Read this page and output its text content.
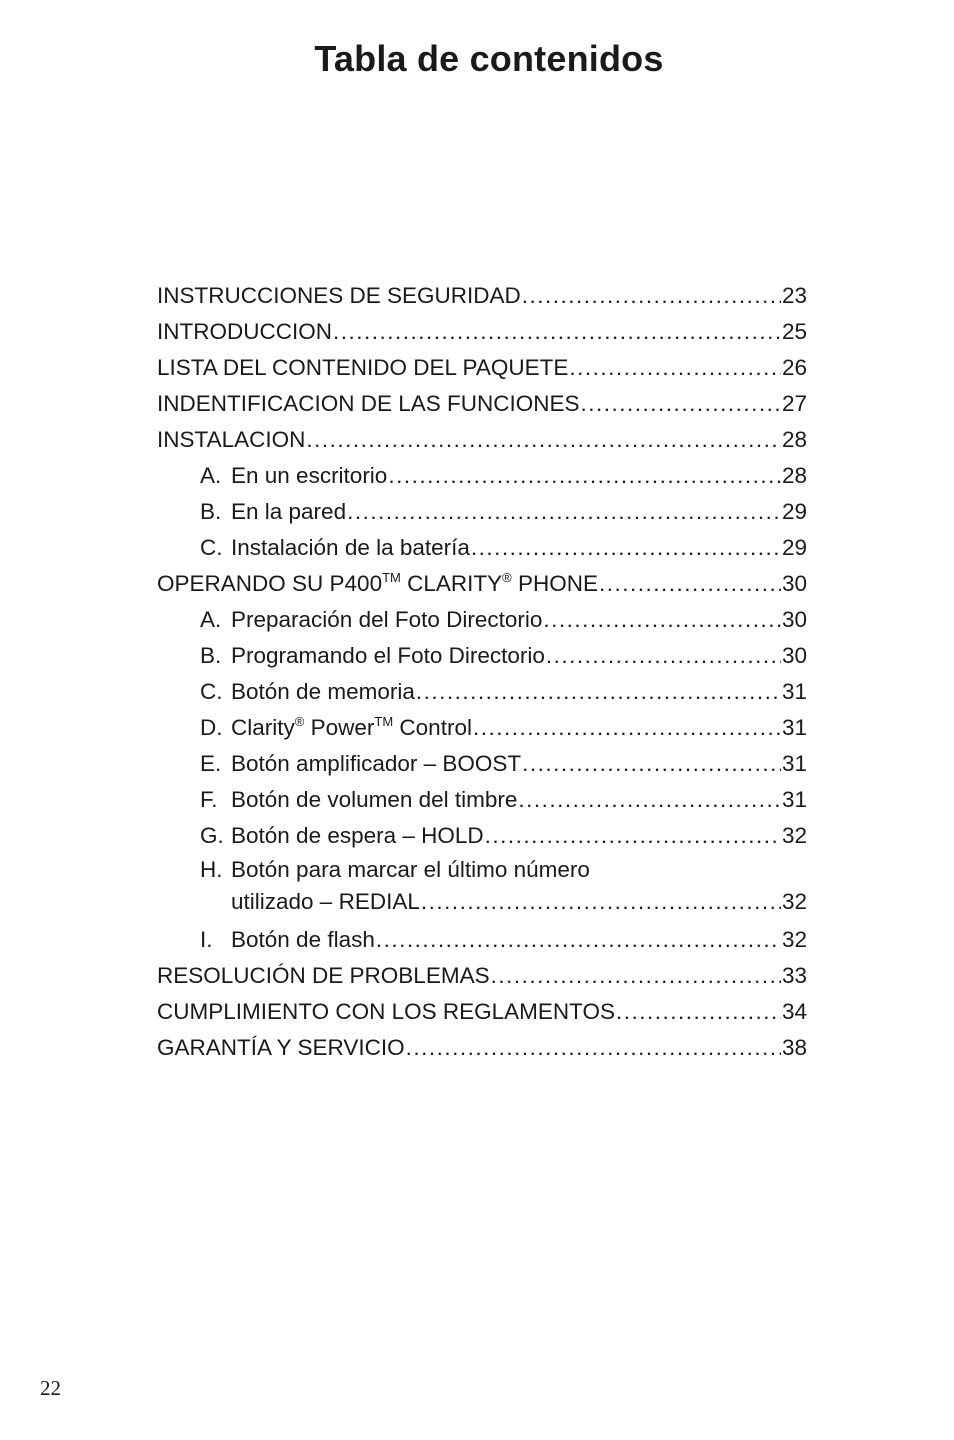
Tabla de contenidos
INSTRUCCIONES DE SEGURIDAD .....	23
INTRODUCCION .....	25
LISTA DEL CONTENIDO DEL PAQUETE .....	26
INDENTIFICACION DE LAS FUNCIONES .....	27
INSTALACION .....	28
A. En un escritorio .....	28
B. En la pared .....	29
C. Instalación de la batería .....	29
OPERANDO SU P400™ CLARITY® PHONE .....	30
A. Preparación del Foto Directorio .....	30
B. Programando el Foto Directorio .....	30
C. Botón de memoria .....	31
D. Clarity® Power™ Control .....	31
E. Botón amplificador – BOOST .....	31
F. Botón de volumen del timbre .....	31
G. Botón de espera – HOLD .....	32
H. Botón para marcar el último número
utilizado – REDIAL .....	32
I. Botón de flash .....	32
RESOLUCIÓN DE PROBLEMAS .....	33
CUMPLIMIENTO CON LOS REGLAMENTOS .....	34
GARANTÍA Y SERVICIO .....	38

22
